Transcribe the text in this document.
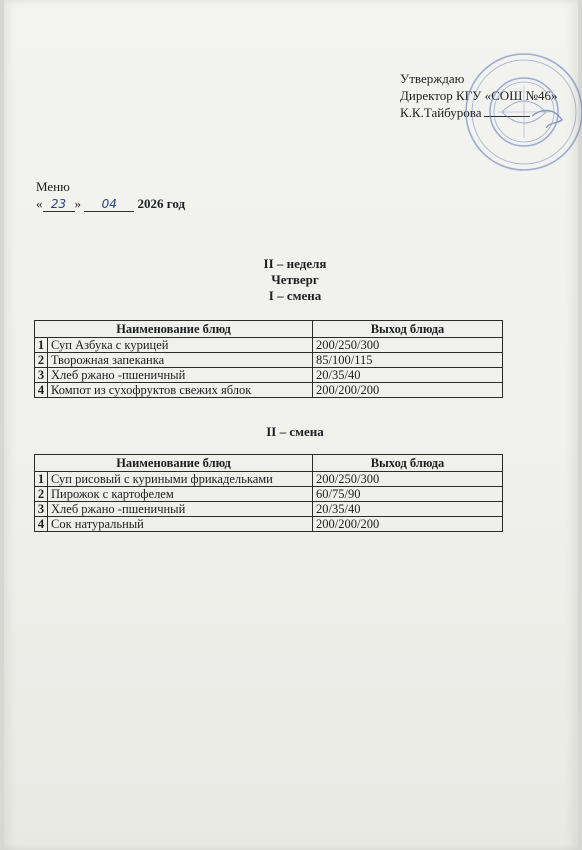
Утверждаю
Директор КГУ «СОШ №46»
К.К.Тайбурова
Меню
« 23 » 04 2026 год
II – неделя
Четверг
I – смена
Наименование блюд		Выход блюда
1	Суп Азбука с курицей	200/250/300
2	Творожная запеканка	85/100/115
3	Хлеб ржано -пшеничный	20/35/40
4	Компот из сухофруктов свежих яблок	200/200/200
II – смена
Наименование блюд		Выход блюда
1	Суп рисовый с куриными фрикадельками	200/250/300
2	Пирожок с картофелем	60/75/90
3	Хлеб ржано -пшеничный	20/35/40
4	Сок натуральный	200/200/200
